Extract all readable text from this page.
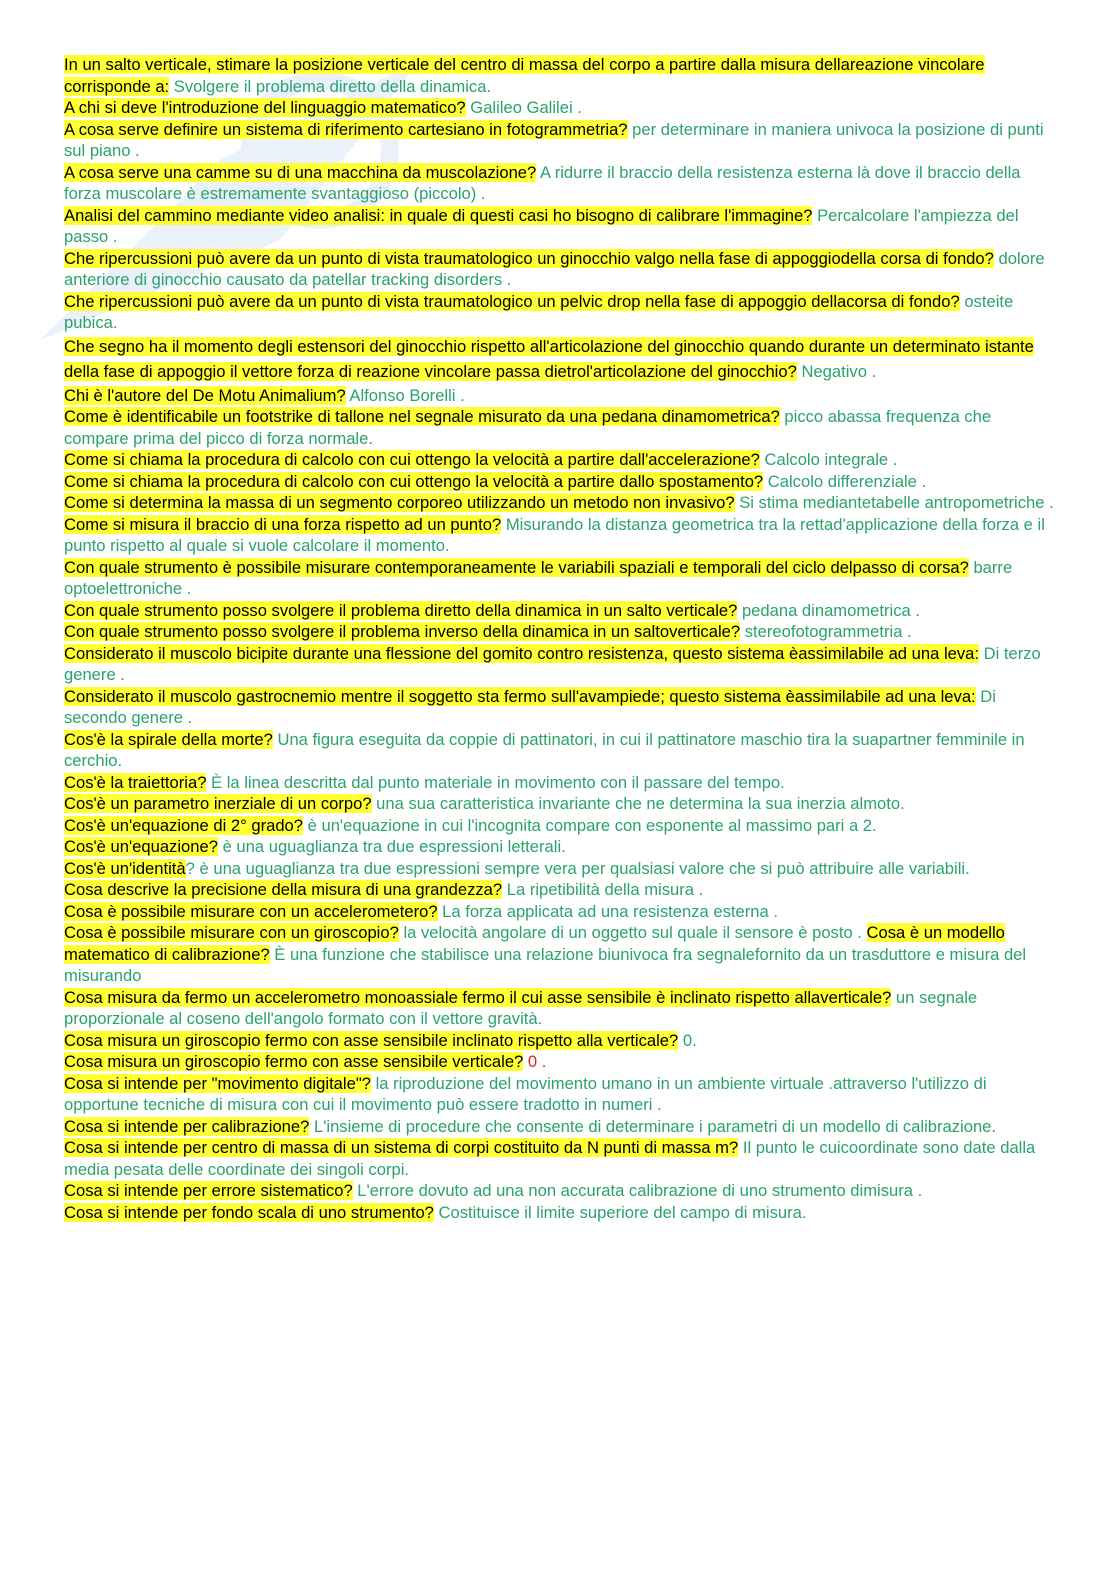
In un salto verticale, stimare la posizione verticale del centro di massa del corpo a partire dalla misura dellareazione vincolare corrisponde a: Svolgere il problema diretto della dinamica.

A chi si deve l'introduzione del linguaggio matematico? Galileo Galilei .

A cosa serve definire un sistema di riferimento cartesiano in fotogrammetria? per determinare in maniera univoca la posizione di punti sul piano .

A cosa serve una camme su di una macchina da muscolazione? A ridurre il braccio della resistenza esterna là dove il braccio della forza muscolare è estremamente svantaggioso (piccolo) .

Analisi del cammino mediante video analisi: in quale di questi casi ho bisogno di calibrare l'immagine? Percalcolare l'ampiezza del passo .

Che ripercussioni può avere da un punto di vista traumatologico un ginocchio valgo nella fase di appoggiodella corsa di fondo? dolore anteriore di ginocchio causato da patellar tracking disorders .

Che ripercussioni può avere da un punto di vista traumatologico un pelvic drop nella fase di appoggio dellacorsa di fondo? osteite pubica.

Che segno ha il momento degli estensori del ginocchio rispetto all'articolazione del ginocchio quando durante un determinato istante della fase di appoggio il vettore forza di reazione vincolare passa dietrol'articolazione del ginocchio? Negativo .

Chi è l'autore del De Motu Animalium? Alfonso Borelli .

Come è identificabile un footstrike di tallone nel segnale misurato da una pedana dinamometrica? picco abassa frequenza che compare prima del picco di forza normale.

Come si chiama la procedura di calcolo con cui ottengo la velocità a partire dall'accelerazione? Calcolo integrale .

Come si chiama la procedura di calcolo con cui ottengo la velocità a partire dallo spostamento? Calcolo differenziale .

Come si determina la massa di un segmento corporeo utilizzando un metodo non invasivo? Si stima mediantetabelle antropometriche .

Come si misura il braccio di una forza rispetto ad un punto? Misurando la distanza geometrica tra la rettad'applicazione della forza e il punto rispetto al quale si vuole calcolare il momento.

Con quale strumento è possibile misurare contemporaneamente le variabili spaziali e temporali del ciclo delpasso di corsa? barre optoelettroniche .

Con quale strumento posso svolgere il problema diretto della dinamica in un salto verticale? pedana dinamometrica .

Con quale strumento posso svolgere il problema inverso della dinamica in un saltoverticale? stereofotogrammetria .

Considerato il muscolo bicipite durante una flessione del gomito contro resistenza, questo sistema èassimilabile ad una leva: Di terzo genere .

Considerato il muscolo gastrocnemio mentre il soggetto sta fermo sull'avampiede; questo sistema èassimilabile ad una leva: Di secondo genere .

Cos'è la spirale della morte? Una figura eseguita da coppie di pattinatori, in cui il pattinatore maschio tira la suapartner femminile in cerchio.

Cos'è la traiettoria? È la linea descritta dal punto materiale in movimento con il passare del tempo.

Cos'è un parametro inerziale di un corpo? una sua caratteristica invariante che ne determina la sua inerzia almoto.

Cos'è un'equazione di 2° grado? è un'equazione in cui l'incognita compare con esponente al massimo pari a 2.

Cos'è un'equazione? è una uguaglianza tra due espressioni letterali.

Cos'è un'identità? è una uguaglianza tra due espressioni sempre vera per qualsiasi valore che si può attribuire alle variabili.

Cosa descrive la precisione della misura di una grandezza? La ripetibilità della misura .

Cosa è possibile misurare con un accelerometero? La forza applicata ad una resistenza esterna .

Cosa è possibile misurare con un giroscopio? la velocità angolare di un oggetto sul quale il sensore è posto . Cosa è un modello matematico di calibrazione? È una funzione che stabilisce una relazione biunivoca fra segnalefornito da un trasduttore e misura del misurando

Cosa misura da fermo un accelerometro monoassiale fermo il cui asse sensibile è inclinato rispetto allaverticale? un segnale proporzionale al coseno dell'angolo formato con il vettore gravità.

Cosa misura un giroscopio fermo con asse sensibile inclinato rispetto alla verticale? 0.

Cosa misura un giroscopio fermo con asse sensibile verticale? 0 .

Cosa si intende per "movimento digitale"? la riproduzione del movimento umano in un ambiente virtuale .attraverso l'utilizzo di opportune tecniche di misura con cui il movimento può essere tradotto in numeri .

Cosa si intende per calibrazione? L'insieme di procedure che consente di determinare i parametri di un modello di calibrazione.

Cosa si intende per centro di massa di un sistema di corpi costituito da N punti di massa m? Il punto le cuicoordinate sono date dalla media pesata delle coordinate dei singoli corpi.

Cosa si intende per errore sistematico? L'errore dovuto ad una non accurata calibrazione di uno strumento dimisura .

Cosa si intende per fondo scala di uno strumento? Costituisce il limite superiore del campo di misura.
